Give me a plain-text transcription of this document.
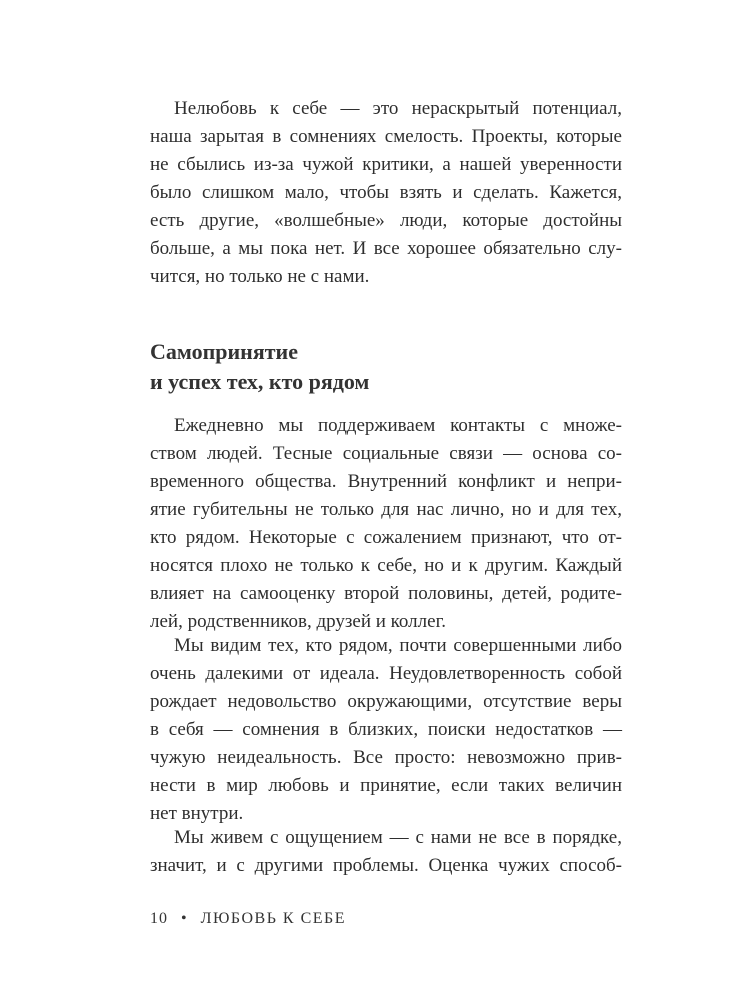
Нелюбовь к себе — это нераскрытый потенциал,
наша зарытая в сомнениях смелость. Проекты, которые
не сбылись из-за чужой критики, а нашей уверенности
было слишком мало, чтобы взять и сделать. Кажется,
есть другие, «волшебные» люди, которые достойны
больше, а мы пока нет. И все хорошее обязательно слу-
чится, но только не с нами.
Самопринятие
и успех тех, кто рядом
Ежедневно мы поддерживаем контакты с множе-
ством людей. Тесные социальные связи — основа со-
временного общества. Внутренний конфликт и непри-
ятие губительны не только для нас лично, но и для тех,
кто рядом. Некоторые с сожалением признают, что от-
носятся плохо не только к себе, но и к другим. Каждый
влияет на самооценку второй половины, детей, родите-
лей, родственников, друзей и коллег.
Мы видим тех, кто рядом, почти совершенными либо
очень далекими от идеала. Неудовлетворенность собой
рождает недовольство окружающими, отсутствие веры
в себя — сомнения в близких, поиски недостатков —
чужую неидеальность. Все просто: невозможно прив-
нести в мир любовь и принятие, если таких величин
нет внутри.
Мы живем с ощущением — с нами не все в порядке,
значит, и с другими проблемы. Оценка чужих способ-
10 • ЛЮБОВЬ К СЕБЕ
